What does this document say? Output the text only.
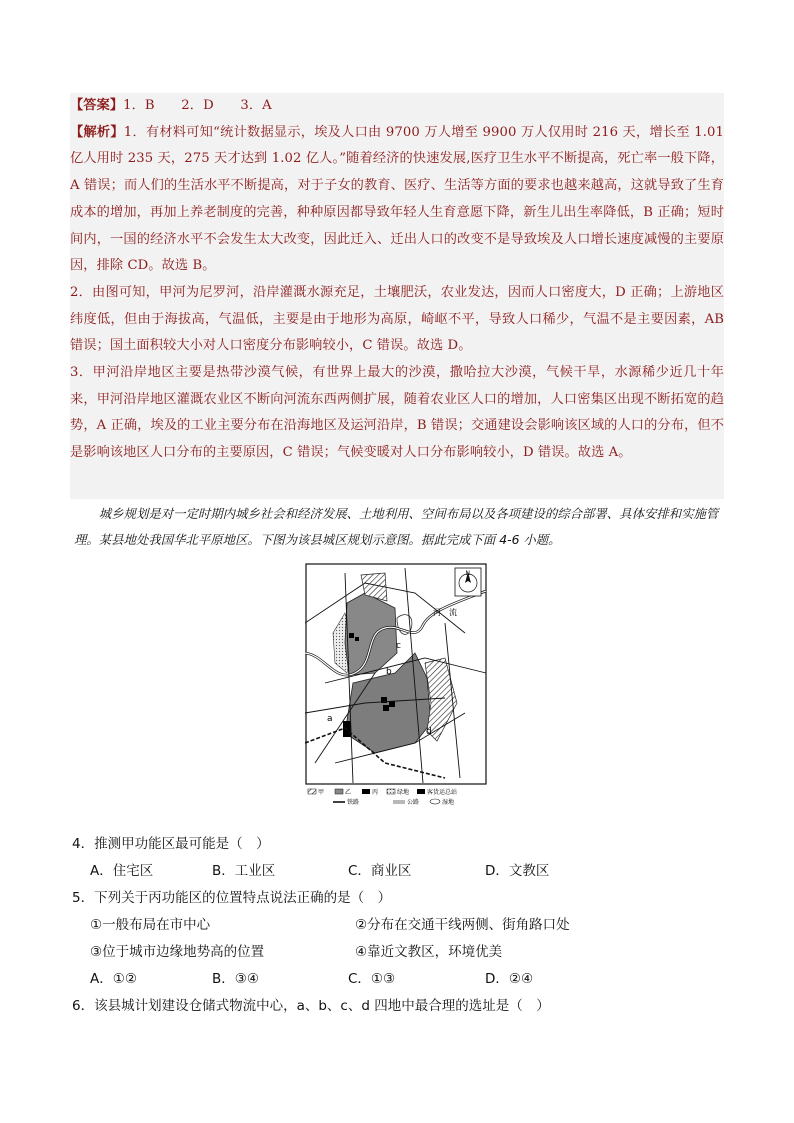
【答案】1．B　　2．D　　3．A

【解析】1．有材料可知“统计数据显示，埃及人口由 9700 万人增至 9900 万人仅用时 216 天，增长至 1.01 亿人用时 235 天，275 天才达到 1.02 亿人。”随着经济的快速发展,医疗卫生水平不断提高，死亡率一般下降，A 错误；而人们的生活水平不断提高，对于子女的教育、医疗、生活等方面的要求也越来越高，这就导致了生育成本的增加，再加上养老制度的完善，种种原因都导致年轻人生育意愿下降，新生儿出生率降低，B 正确；短时间内，一国的经济水平不会发生太大改变，因此迁入、迁出人口的改变不是导致埃及人口增长速度减慢的主要原因，排除 CD。故选 B。

2．由图可知，甲河为尼罗河，沿岸灌溉水源充足，土壤肥沃，农业发达，因而人口密度大，D 正确；上游地区纬度低，但由于海拔高，气温低，主要是由于地形为高原，崎岖不平，导致人口稀少，气温不是主要因素，AB 错误；国土面积较大小对人口密度分布影响较小，C 错误。故选 D。

3．甲河沿岸地区主要是热带沙漠气候，有世界上最大的沙漠，撒哈拉大沙漠，气候干旱，水源稀少近几十年来，甲河沿岸地区灌溉农业区不断向河流东西两侧扩展，随着农业区人口的增加，人口密集区出现不断拓宽的趋势，A 正确，埃及的工业主要分布在沿海地区及运河沿岸，B 错误；交通建设会影响该区域的人口的分布，但不是影响该地区人口分布的主要原因，C 错误；气候变暖对人口分布影响较小，D 错误。故选 A。

  城乡规划是对一定时期内城乡社会和经济发展、土地利用、空间布局以及各项建设的综合部署、具体安排和实施管理。某县地处我国华北平原地区。下图为该县城区规划示意图。据此完成下面 4-6 小题。

N
河　流
a
b
c
d
甲	乙	丙	绿地	客货运总站
铁路	公路	湿地
4．推测甲功能区最可能是（　）
A．住宅区	B．工业区	C．商业区	D．文教区
5．下列关于丙功能区的位置特点说法正确的是（　）
①一般布局在市中心	②分布在交通干线两侧、街角路口处
③位于城市边缘地势高的位置	④靠近文教区，环境优美
A．①②	B．③④	C．①③	D．②④
6．该县城计划建设仓储式物流中心，a、b、c、d 四地中最合理的选址是（　）
